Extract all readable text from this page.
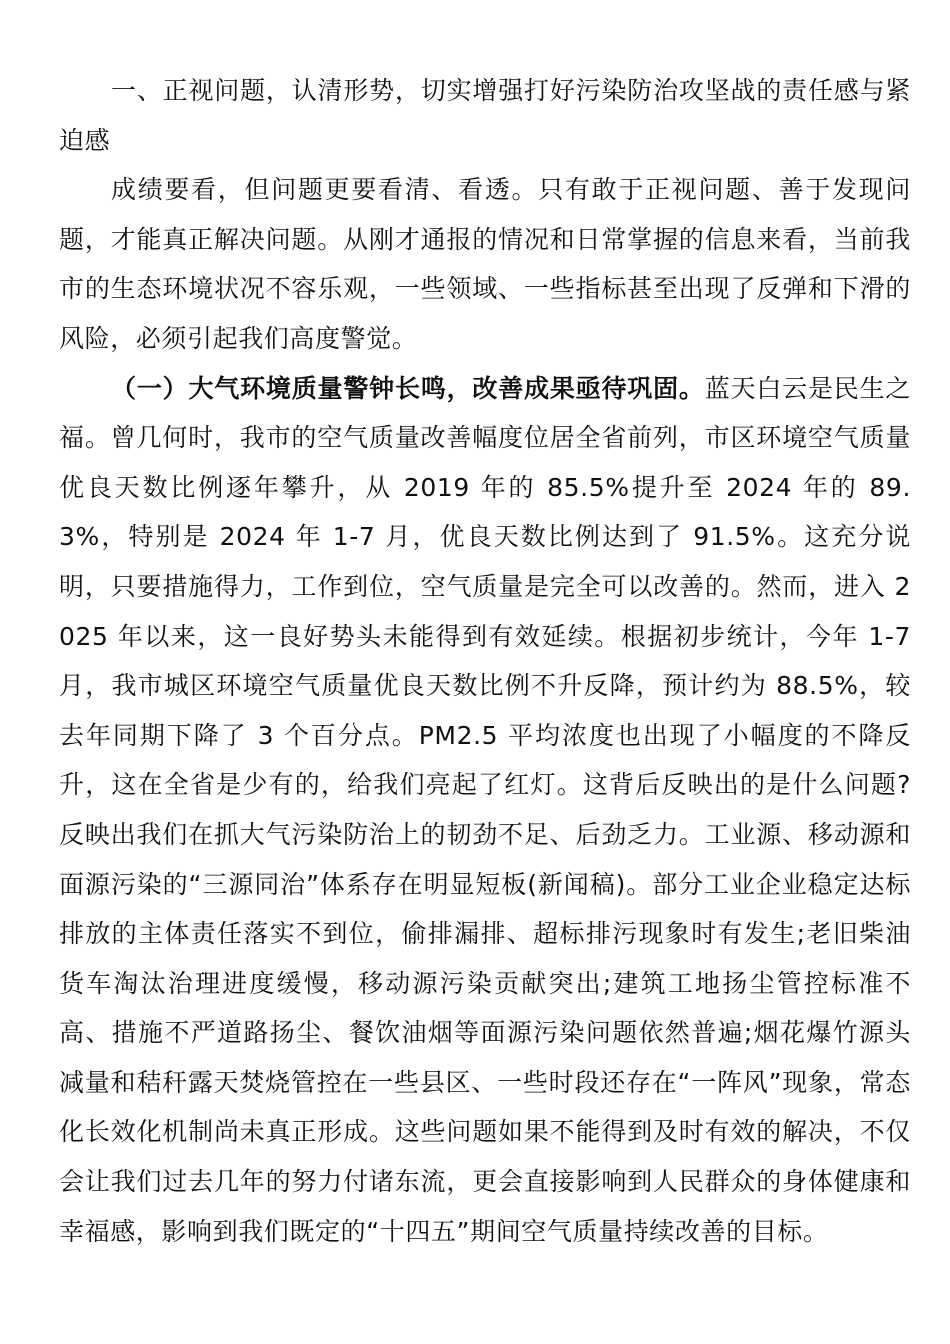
一、正视问题，认清形势，切实增强打好污染防治攻坚战的责任感与紧迫感

成绩要看，但问题更要看清、看透。只有敢于正视问题、善于发现问题，才能真正解决问题。从刚才通报的情况和日常掌握的信息来看，当前我市的生态环境状况不容乐观，一些领域、一些指标甚至出现了反弹和下滑的风险，必须引起我们高度警觉。

（一）大气环境质量警钟长鸣，改善成果亟待巩固。蓝天白云是民生之福。曾几何时，我市的空气质量改善幅度位居全省前列，市区环境空气质量优良天数比例逐年攀升，从 2019 年的 85.5%提升至 2024 年的 89.3%，特别是 2024 年 1-7 月，优良天数比例达到了 91.5%。这充分说明，只要措施得力，工作到位，空气质量是完全可以改善的。然而，进入 2025 年以来，这一良好势头未能得到有效延续。根据初步统计，今年 1-7 月，我市城区环境空气质量优良天数比例不升反降，预计约为 88.5%，较去年同期下降了 3 个百分点。PM2.5 平均浓度也出现了小幅度的不降反升，这在全省是少有的，给我们亮起了红灯。这背后反映出的是什么问题?反映出我们在抓大气污染防治上的韧劲不足、后劲乏力。工业源、移动源和面源污染的“三源同治”体系存在明显短板(新闻稿)。部分工业企业稳定达标排放的主体责任落实不到位，偷排漏排、超标排污现象时有发生;老旧柴油货车淘汰治理进度缓慢，移动源污染贡献突出;建筑工地扬尘管控标准不高、措施不严道路扬尘、餐饮油烟等面源污染问题依然普遍;烟花爆竹源头减量和秸秆露天焚烧管控在一些县区、一些时段还存在“一阵风”现象，常态化长效化机制尚未真正形成。这些问题如果不能得到及时有效的解决，不仅会让我们过去几年的努力付诸东流，更会直接影响到人民群众的身体健康和幸福感，影响到我们既定的“十四五”期间空气质量持续改善的目标。
